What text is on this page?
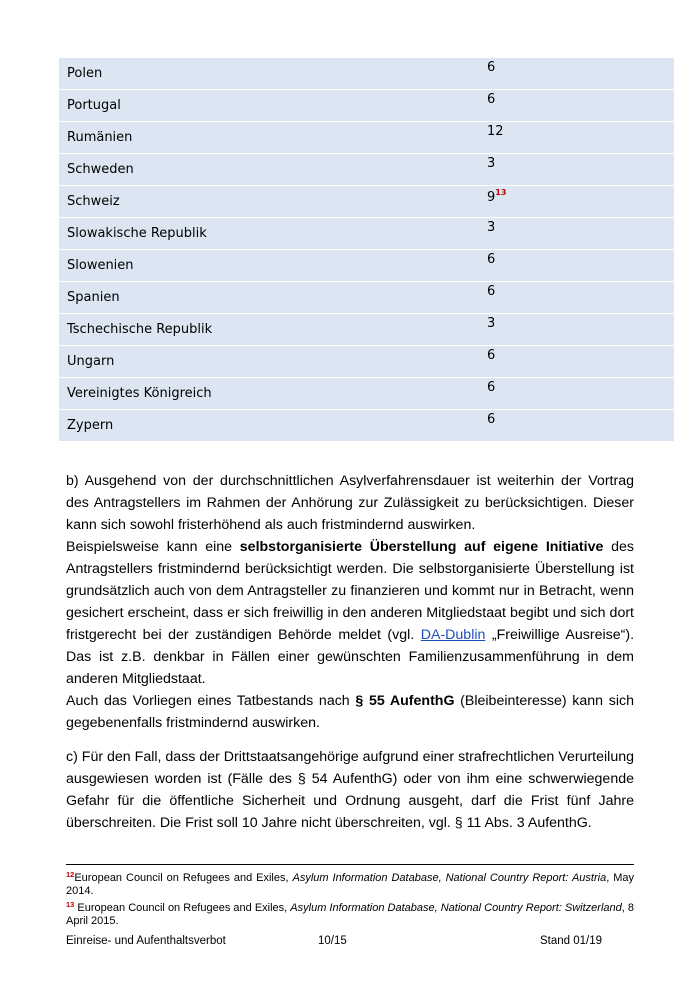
Polen	6
Portugal	6
Rumänien	12
Schweden	3
Schweiz	$9^{13}$
Slowakische Republik	3
Slowenien	6
Spanien	6
Tschechische Republik	3
Ungarn	6
Vereinigtes Königreich	6
Zypern	6
b) Ausgehend von der durchschnittlichen Asylverfahrensdauer ist weiterhin der Vortrag des Antragstellers im Rahmen der Anhörung zur Zulässigkeit zu berücksichtigen. Dieser kann sich sowohl fristerhöhend als auch fristmindernd auswirken.
Beispielsweise kann eine selbstorganisierte Überstellung auf eigene Initiative des Antragstellers fristmindernd berücksichtigt werden. Die selbstorganisierte Überstellung ist grundsätzlich auch von dem Antragsteller zu finanzieren und kommt nur in Betracht, wenn gesichert erscheint, dass er sich freiwillig in den anderen Mitgliedstaat begibt und sich dort fristgerecht bei der zuständigen Behörde meldet (vgl. DA-Dublin „Freiwillige Ausreise“). Das ist z.B. denkbar in Fällen einer gewünschten Familienzusammenführung in dem anderen Mitgliedstaat.
Auch das Vorliegen eines Tatbestands nach § 55 AufenthG (Bleibeinteresse) kann sich gegebenenfalls fristmindernd auswirken.
c) Für den Fall, dass der Drittstaatsangehörige aufgrund einer strafrechtlichen Verurteilung ausgewiesen worden ist (Fälle des § 54 AufenthG) oder von ihm eine schwerwiegende Gefahr für die öffentliche Sicherheit und Ordnung ausgeht, darf die Frist fünf Jahre überschreiten. Die Frist soll 10 Jahre nicht überschreiten, vgl. § 11 Abs. 3 AufenthG.
$^{12}$European Council on Refugees and Exiles, Asylum Information Database, National Country Report: Austria, May 2014.
$^{13}$ European Council on Refugees and Exiles, Asylum Information Database, National Country Report: Switzerland, 8 April 2015.
Einreise- und Aufenthaltsverbot	10/15	Stand 01/19
